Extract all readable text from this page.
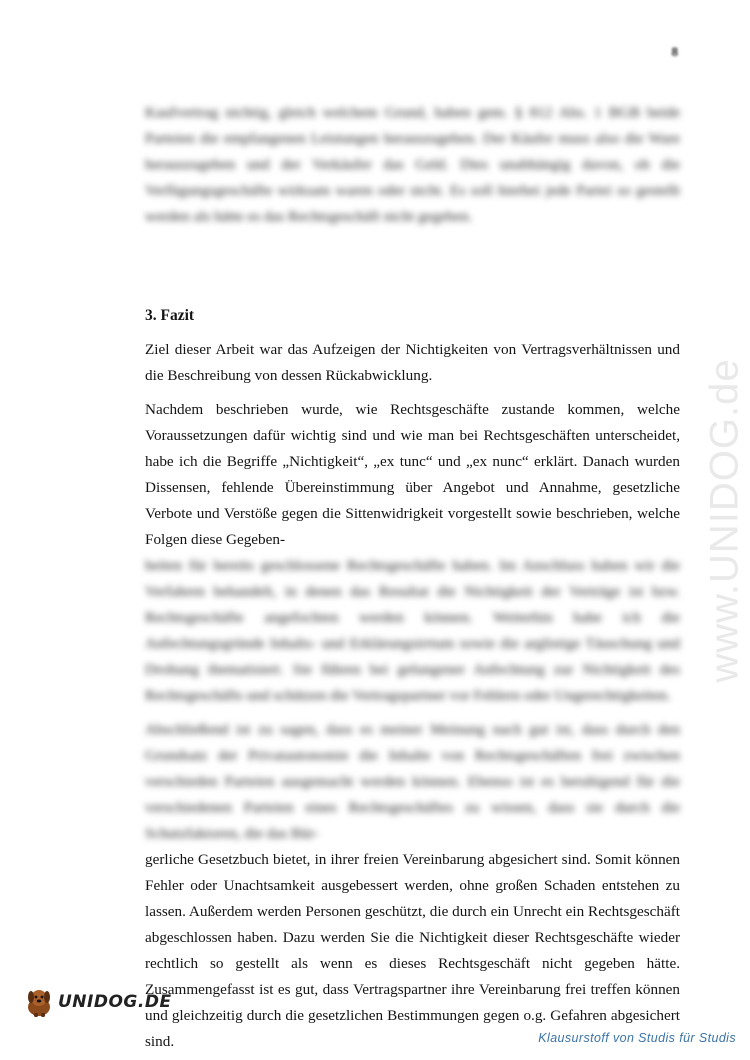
8

Kaufvertrag nichtig, gleich welchem Grund, haben gem. § 812 Abs. 1 BGB beide Parteien die empfangenen Leistungen herauszugeben. Der Käufer muss also die Ware herauszugeben und der Verkäufer das Geld. Dies unabhängig davon, ob die Verfügungsgeschäfte wirksam waren oder nicht. Es soll hierbei jede Partei so gestellt werden als hätte es das Rechtsgeschäft nicht gegeben.

3. Fazit

Ziel dieser Arbeit war das Aufzeigen der Nichtigkeiten von Vertragsverhältnissen und die Beschreibung von dessen Rückabwicklung.

Nachdem beschrieben wurde, wie Rechtsgeschäfte zustande kommen, welche Voraussetzungen dafür wichtig sind und wie man bei Rechtsgeschäften unterscheidet, habe ich die Begriffe „Nichtigkeit“, „ex tunc“ und „ex nunc“ erklärt. Danach wurden Dissensen, fehlende Übereinstimmung über Angebot und Annahme, gesetzliche Verbote und Verstöße gegen die Sittenwidrigkeit vorgestellt sowie beschrieben, welche Folgen diese Gegeben-

heiten für bereits geschlossene Rechtsgeschäfte haben. Im Anschluss haben wir die Verfahren behandelt, in denen das Resultat die Nichtigkeit der Verträge ist bzw. Rechtsgeschäfte angefochten werden können. Weiterhin habe ich die Anfechtungsgründe Inhalts- und Erklärungsirrtum sowie die arglistige Täuschung und Drohung thematisiert. Sie führen bei gelungener Anfechtung zur Nichtigkeit des Rechtsgeschäfts und schützen die Vertragspartner vor Fehlern oder Ungerechtigkeiten.

Abschließend ist zu sagen, dass es meiner Meinung nach gut ist, dass durch den Grundsatz der Privatautonomie die Inhalte von Rechtsgeschäften frei zwischen verschieden Parteien ausgemacht werden können. Ebenso ist es beruhigend für die verschiedenen Parteien eines Rechtsgeschäftes zu wissen, dass sie durch die Schutzfaktoren, die das Bür-

gerliche Gesetzbuch bietet, in ihrer freien Vereinbarung abgesichert sind. Somit können Fehler oder Unachtsamkeit ausgebessert werden, ohne großen Schaden entstehen zu lassen. Außerdem werden Personen geschützt, die durch ein Unrecht ein Rechtsgeschäft abgeschlossen haben. Dazu werden Sie die Nichtigkeit dieser Rechtsgeschäfte wieder rechtlich so gestellt als wenn es dieses Rechtsgeschäft nicht gegeben hätte. Zusammengefasst ist es gut, dass Vertragspartner ihre Vereinbarung frei treffen können und gleichzeitig durch die gesetzlichen Bestimmungen gegen o.g. Gefahren abgesichert sind.

www.UNIDOG.de
UNIDOG.DE
Klausurstoff von Studis für Studis
